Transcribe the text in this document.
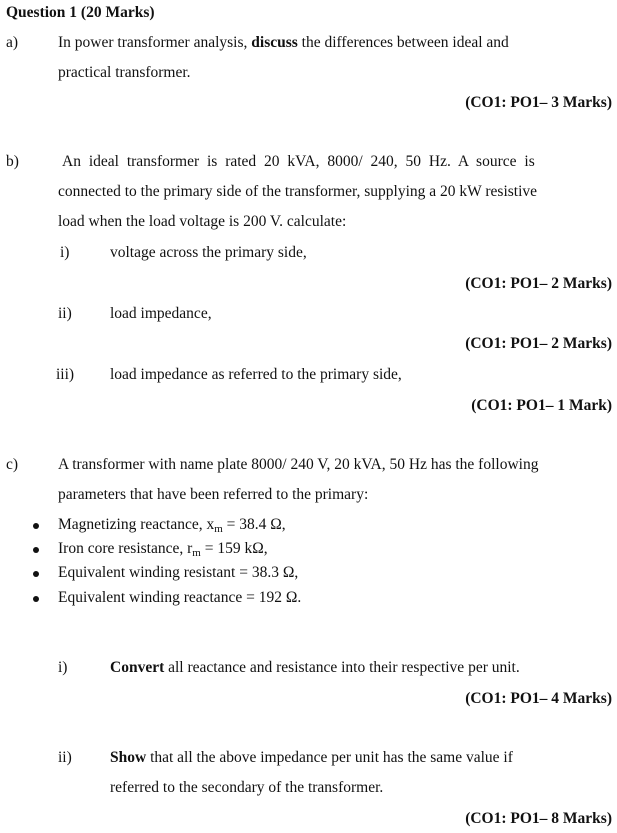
Question 1 (20 Marks)
a)	In power transformer analysis, discuss the differences between ideal and
practical transformer.
(CO1: PO1– 3 Marks)
b)	An ideal transformer is rated 20 kVA, 8000/ 240, 50 Hz. A source is
connected to the primary side of the transformer, supplying a 20 kW resistive
load when the load voltage is 200 V. calculate:
i)	voltage across the primary side,
(CO1: PO1– 2 Marks)
ii) load impedance,
(CO1: PO1– 2 Marks)
iii) load impedance as referred to the primary side,
(CO1: PO1– 1 Mark)
c)	A transformer with name plate 8000/ 240 V, 20 kVA, 50 Hz has the following
parameters that have been referred to the primary:
Magnetizing reactance, xm = 38.4 Ω,
Iron core resistance, rm = 159 kΩ,
Equivalent winding resistant = 38.3 Ω,
Equivalent winding reactance = 192 Ω.
i)	Convert all reactance and resistance into their respective per unit.
(CO1: PO1– 4 Marks)
ii) Show that all the above impedance per unit has the same value if
referred to the secondary of the transformer.
(CO1: PO1– 8 Marks)
